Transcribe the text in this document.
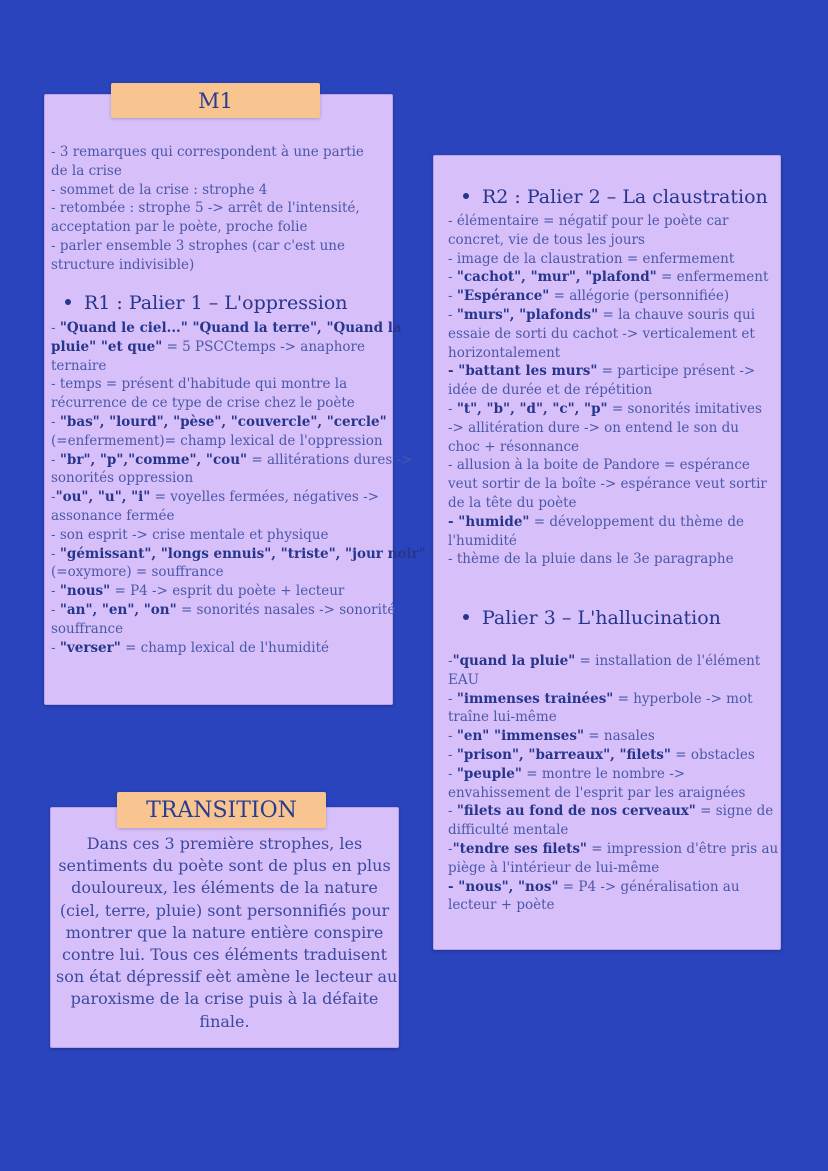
M1
- 3 remarques qui correspondent à une partie
de la crise
- sommet de la crise : strophe 4
- retombée : strophe 5 -> arrêt de l'intensité,
acceptation par le poète, proche folie
- parler ensemble 3 strophes (car c'est une
structure indivisible)
R1 : Palier 1 – L'oppression
- "Quand le ciel..." "Quand la terre", "Quand la
pluie" "et que" = 5 PSCCtemps -> anaphore
ternaire
- temps = présent d'habitude qui montre la
récurrence de ce type de crise chez le poète
- "bas", "lourd", "pèse", "couvercle", "cercle"
(=enfermement)= champ lexical de l'oppression
- "br", "p","comme", "cou" = allitérations dures ->
sonorités oppression
-"ou", "u", "i" = voyelles fermées, négatives ->
assonance fermée
- son esprit -> crise mentale et physique
- "gémissant", "longs ennuis", "triste", "jour noir"
(=oxymore) = souffrance
- "nous" = P4 -> esprit du poète + lecteur
- "an", "en", "on" = sonorités nasales -> sonorité
souffrance
- "verser" = champ lexical de l'humidité
TRANSITION
Dans ces 3 première strophes, les
sentiments du poète sont de plus en plus
douloureux, les éléments de la nature
(ciel, terre, pluie) sont personnifiés pour
montrer que la nature entière conspire
contre lui. Tous ces éléments traduisent
son état dépressif eèt amène le lecteur au
paroxisme de la crise puis à la défaite
finale.
R2 : Palier 2 – La claustration
- élémentaire = négatif pour le poète car
concret, vie de tous les jours
- image de la claustration = enfermement
- "cachot", "mur", "plafond" = enfermement
- "Espérance" = allégorie (personnifiée)
- "murs", "plafonds" = la chauve souris qui
essaie de sorti du cachot -> verticalement et
horizontalement
- "battant les murs" = participe présent ->
idée de durée et de répétition
- "t", "b", "d", "c", "p" = sonorités imitatives
-> allitération dure -> on entend le son du
choc + résonnance
- allusion à la boite de Pandore = espérance
veut sortir de la boîte -> espérance veut sortir
de la tête du poète
- "humide" = développement du thème de
l'humidité
- thème de la pluie dans le 3e paragraphe
Palier 3 – L'hallucination
-"quand la pluie" = installation de l'élément
EAU
- "immenses trainées" = hyperbole -> mot
traîne lui-même
- "en" "immenses" = nasales
- "prison", "barreaux", "filets" = obstacles
- "peuple" = montre le nombre ->
envahissement de l'esprit par les araignées
- "filets au fond de nos cerveaux" = signe de
difficulté mentale
-"tendre ses filets" = impression d'être pris au
piège à l'intérieur de lui-même
- "nous", "nos" = P4 -> généralisation au
lecteur + poète
